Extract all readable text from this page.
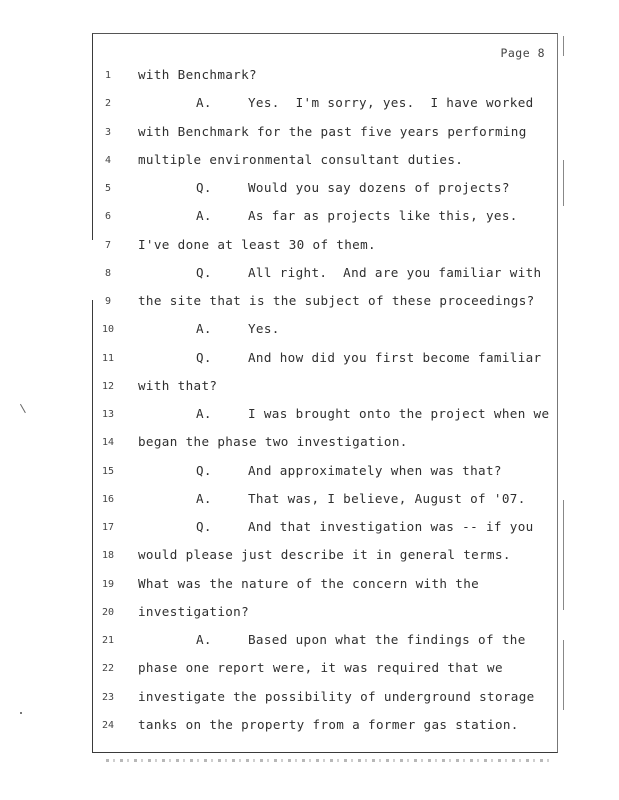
Page 8
1	with Benchmark?
2	A.	Yes.  I'm sorry, yes.  I have worked
3	with Benchmark for the past five years performing
4	multiple environmental consultant duties.
5	Q.	Would you say dozens of projects?
6	A.	As far as projects like this, yes.
7	I've done at least 30 of them.
8	Q.	All right.  And are you familiar with
9	the site that is the subject of these proceedings?
10	A.	Yes.
11	Q.	And how did you first become familiar
12	with that?
13	A.	I was brought onto the project when we
14	began the phase two investigation.
15	Q.	And approximately when was that?
16	A.	That was, I believe, August of '07.
17	Q.	And that investigation was -- if you
18	would please just describe it in general terms.
19	What was the nature of the concern with the
20	investigation?
21	A.	Based upon what the findings of the
22	phase one report were, it was required that we
23	investigate the possibility of underground storage
24	tanks on the property from a former gas station.
